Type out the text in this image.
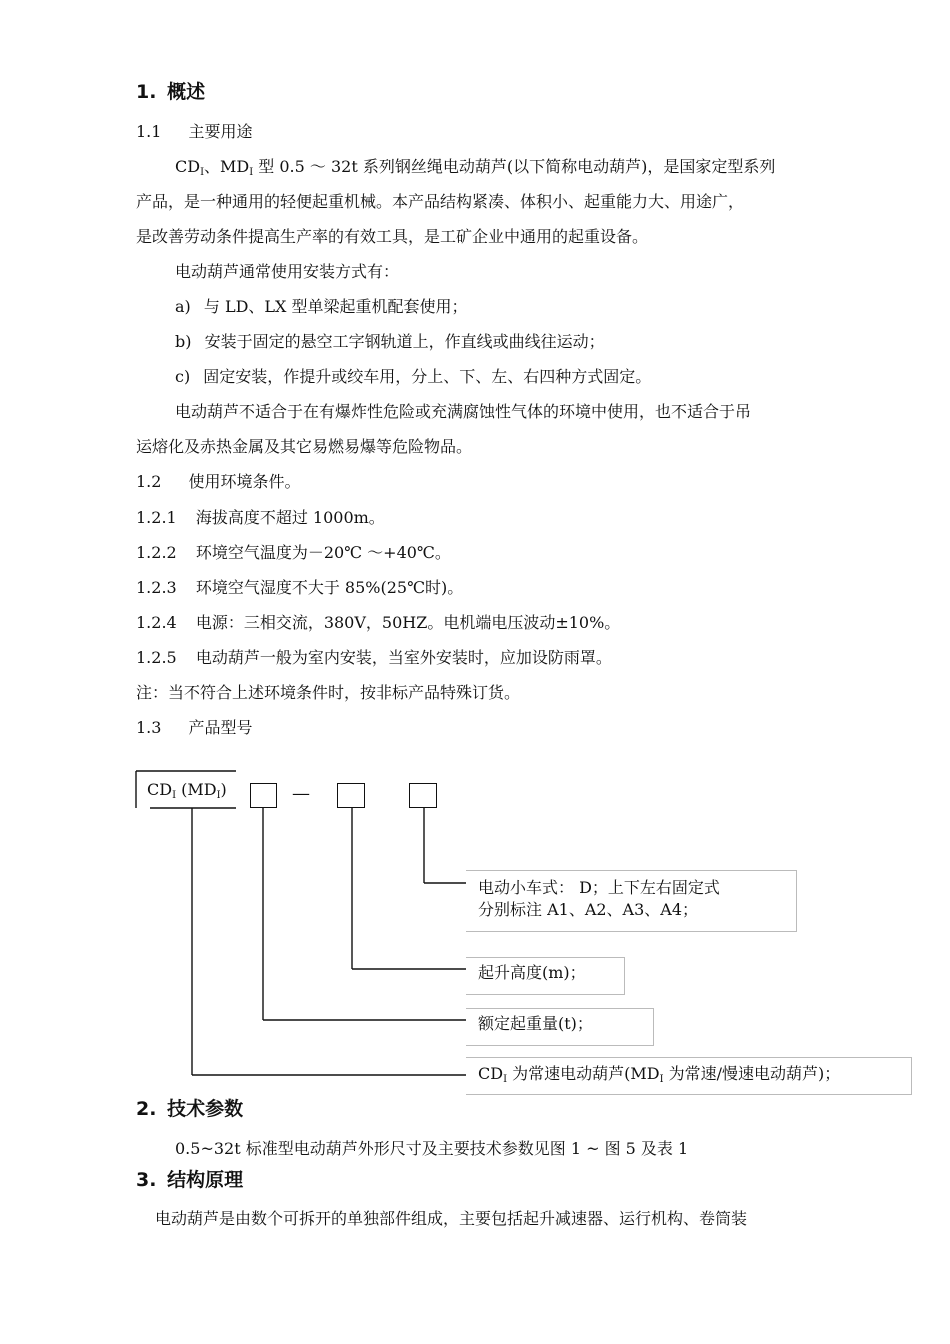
1. 概述
1.1 主要用途
$CD_I$、$MD_I$ 型 0.5 ～ 32t 系列钢丝绳电动葫芦(以下简称电动葫芦)，是国家定型系列
产品，是一种通用的轻便起重机械。本产品结构紧凑、体积小、起重能力大、用途广，
是改善劳动条件提高生产率的有效工具，是工矿企业中通用的起重设备。
电动葫芦通常使用安装方式有：
a) 与 LD、LX 型单梁起重机配套使用；
b) 安装于固定的悬空工字钢轨道上，作直线或曲线往运动；
c) 固定安装，作提升或绞车用，分上、下、左、右四种方式固定。
电动葫芦不适合于在有爆炸性危险或充满腐蚀性气体的环境中使用，也不适合于吊
运熔化及赤热金属及其它易燃易爆等危险物品。
1.2 使用环境条件。
1.2.1 海拔高度不超过 1000m。
1.2.2 环境空气温度为－20℃ ～+40℃。
1.2.3 环境空气湿度不大于 85%(25℃时)。
1.2.4 电源：三相交流，380V，50HZ。电机端电压波动±10%。
1.2.5 电动葫芦一般为室内安装，当室外安装时，应加设防雨罩。
注：当不符合上述环境条件时，按非标产品特殊订货。
1.3 产品型号
$CD_I$ $(MD_I)$	—
电动小车式： D；上下左右固定式
分别标注 A1、A2、A3、A4；
起升高度(m)；
额定起重量(t)；
$CD_I$ 为常速电动葫芦($MD_I$ 为常速/慢速电动葫芦)；
2. 技术参数
0.5~32t 标准型电动葫芦外形尺寸及主要技术参数见图 1 ~ 图 5 及表 1
3. 结构原理
电动葫芦是由数个可拆开的单独部件组成，主要包括起升减速器、运行机构、卷筒装
